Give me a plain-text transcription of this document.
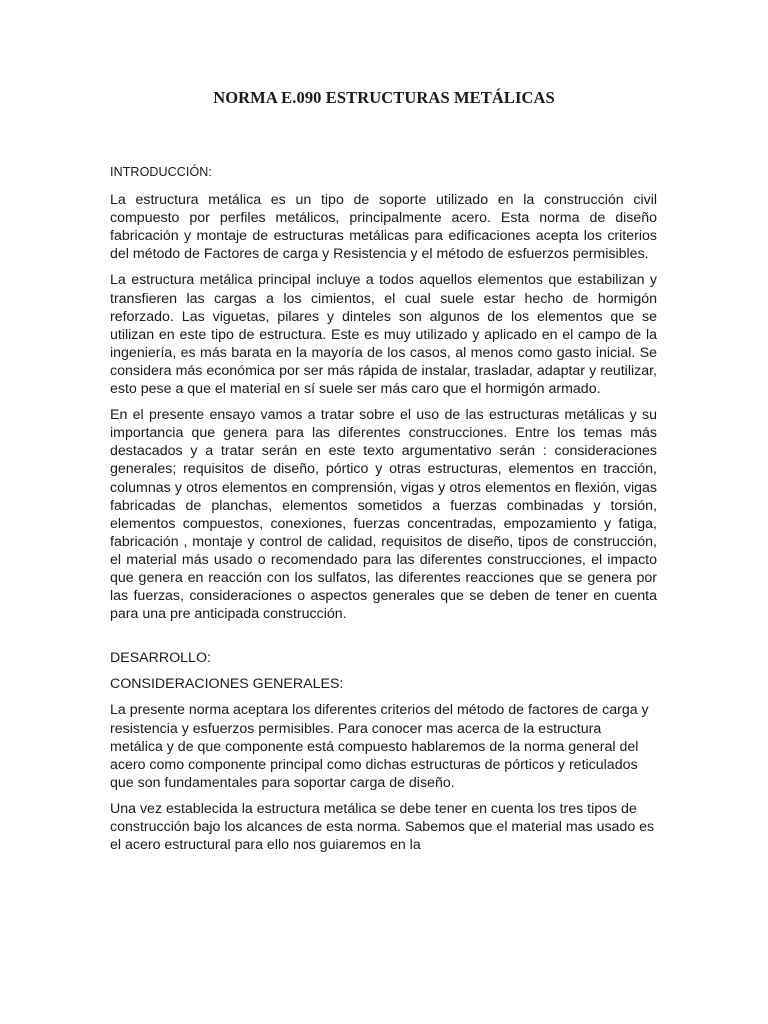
NORMA E.090 ESTRUCTURAS METÁLICAS

INTRODUCCIÓN:

La estructura metálica es un tipo de soporte utilizado en la construcción civil compuesto por perfiles metálicos, principalmente acero. Esta norma de diseño fabricación y montaje de estructuras metálicas para edificaciones acepta los criterios del método de Factores de carga y Resistencia y el método de esfuerzos permisibles.

La estructura metálica principal incluye a todos aquellos elementos que estabilizan y transfieren las cargas a los cimientos, el cual suele estar hecho de hormigón reforzado. Las viguetas, pilares y dinteles son algunos de los elementos que se utilizan en este tipo de estructura. Este es muy utilizado y aplicado en el campo de la ingeniería, es más barata en la mayoría de los casos, al menos como gasto inicial. Se considera más económica por ser más rápida de instalar, trasladar, adaptar y reutilizar, esto pese a que el material en sí suele ser más caro que el hormigón armado.

En el presente ensayo vamos a tratar sobre el uso de las estructuras metálicas y su importancia que genera para las diferentes construcciones. Entre los temas más destacados y a tratar serán en este texto argumentativo serán : consideraciones generales; requisitos de diseño, pórtico y otras estructuras, elementos en tracción, columnas y otros elementos en comprensión, vigas y otros elementos en flexión, vigas fabricadas de planchas, elementos sometidos a fuerzas combinadas y torsión, elementos compuestos, conexiones, fuerzas concentradas, empozamiento y fatiga, fabricación , montaje y control de calidad, requisitos de diseño, tipos de construcción, el material más usado o recomendado para las diferentes construcciones, el impacto que genera en reacción con los sulfatos, las diferentes reacciones que se genera por las fuerzas, consideraciones o aspectos generales que se deben de tener en cuenta para una pre anticipada construcción.

DESARROLLO:

CONSIDERACIONES GENERALES:

La presente norma aceptara los diferentes criterios del método de factores de carga y resistencia y esfuerzos permisibles. Para conocer mas acerca de la estructura metálica y de que componente está compuesto hablaremos de la norma general del acero como componente principal como dichas estructuras de pórticos y reticulados que son fundamentales para soportar carga de diseño.

Una vez establecida la estructura metálica se debe tener en cuenta los tres tipos de construcción bajo los alcances de esta norma. Sabemos que el material mas usado es el acero estructural para ello nos guiaremos en la
